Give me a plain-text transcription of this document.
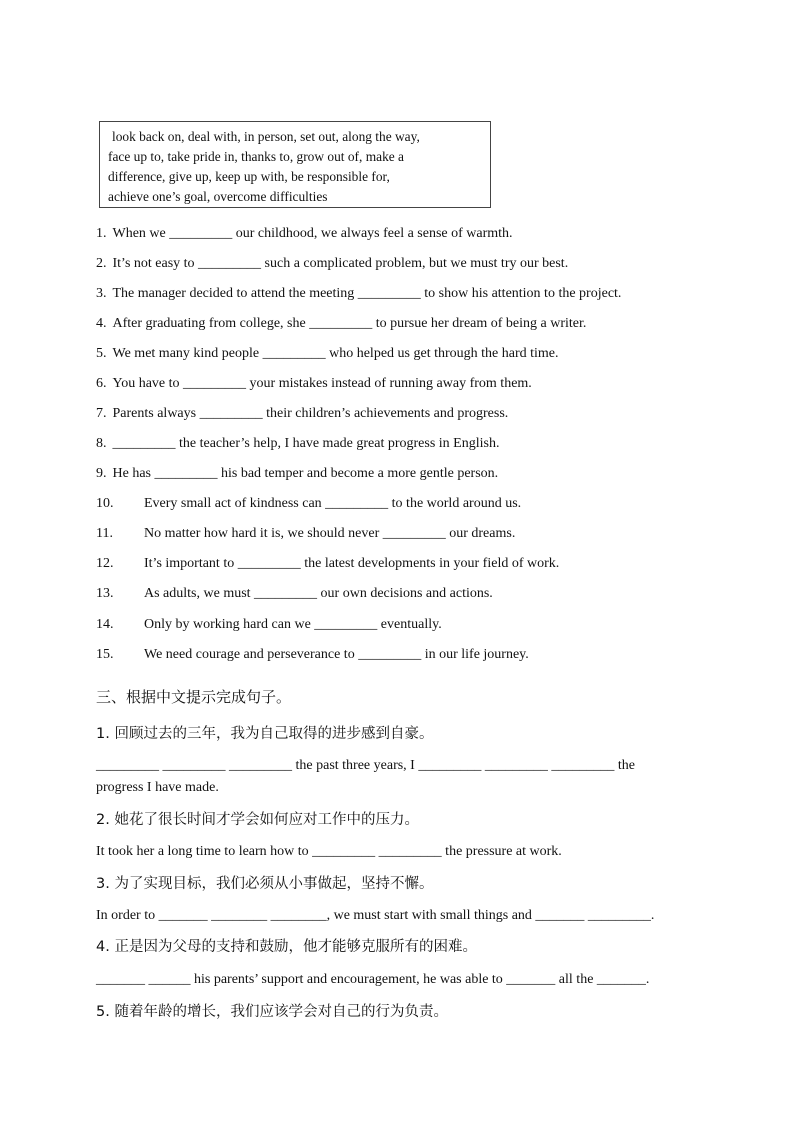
look back on, deal with, in person, set out, along the way,
face up to, take pride in, thanks to, grow out of, make a
difference, give up, keep up with, be responsible for,
achieve one’s goal, overcome difficulties
1. When we _________ our childhood, we always feel a sense of warmth.
2. It’s not easy to _________ such a complicated problem, but we must try our best.
3. The manager decided to attend the meeting _________ to show his attention to the project.
4. After graduating from college, she _________ to pursue her dream of being a writer.
5. We met many kind people _________ who helped us get through the hard time.
6. You have to _________ your mistakes instead of running away from them.
7. Parents always _________ their children’s achievements and progress.
8. _________ the teacher’s help, I have made great progress in English.
9. He has _________ his bad temper and become a more gentle person.
10. Every small act of kindness can _________ to the world around us.
11. No matter how hard it is, we should never _________ our dreams.
12. It’s important to _________ the latest developments in your field of work.
13. As adults, we must _________ our own decisions and actions.
14. Only by working hard can we _________ eventually.
15. We need courage and perseverance to _________ in our life journey.
三、根据中文提示完成句子。
1. 回顾过去的三年，我为自己取得的进步感到自豪。
_________ _________ _________ the past three years, I _________ _________ _________ the
progress I have made.
2. 她花了很长时间才学会如何应对工作中的压力。
It took her a long time to learn how to _________ _________ the pressure at work.
3. 为了实现目标，我们必须从小事做起，坚持不懈。
In order to _______ ________ ________, we must start with small things and _______ _________.
4. 正是因为父母的支持和鼓励，他才能够克服所有的困难。
_______ ______ his parents’ support and encouragement, he was able to _______ all the _______.
5. 随着年龄的增长，我们应该学会对自己的行为负责。
